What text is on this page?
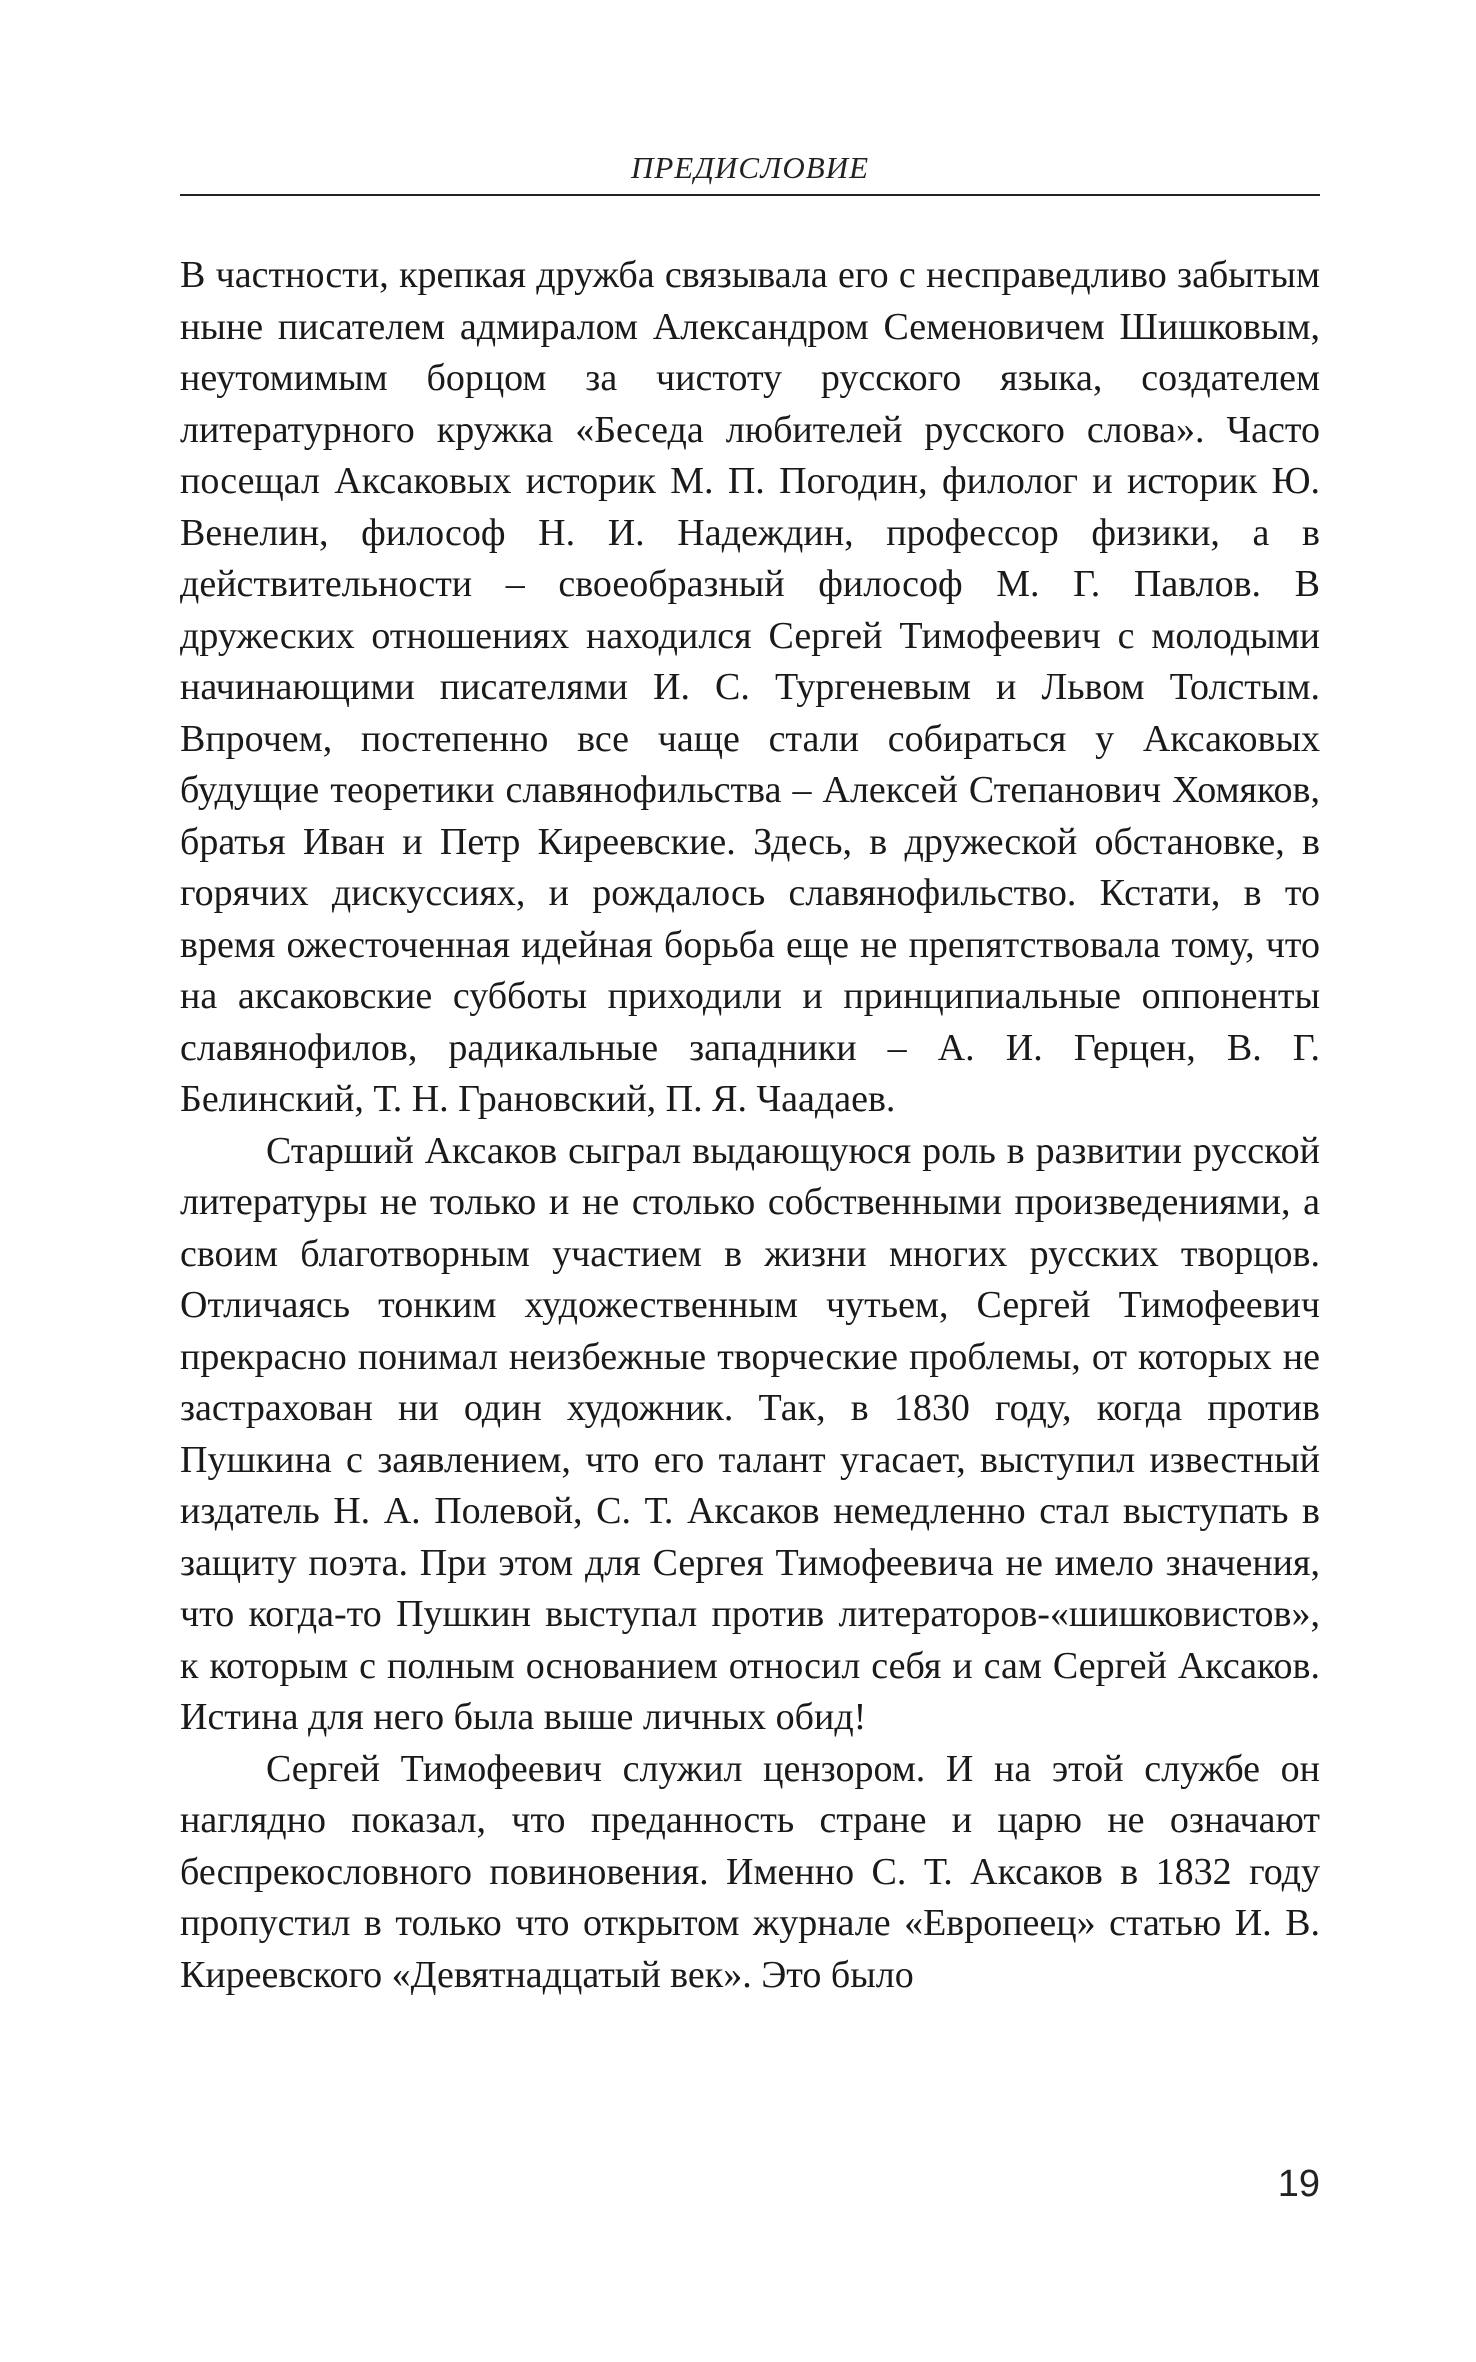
ПРЕДИСЛОВИЕ

В частности, крепкая дружба связывала его с несправедливо забытым ныне писателем адмиралом Александром Семеновичем Шишковым, неутомимым борцом за чистоту русского языка, создателем литературного кружка «Беседа любителей русского слова». Часто посещал Аксаковых историк М. П. Погодин, филолог и историк Ю. Венелин, философ Н. И. Надеждин, профессор физики, а в действительности – своеобразный философ М. Г. Павлов. В дружеских отношениях находился Сергей Тимофеевич с молодыми начинающими писателями И. С. Тургеневым и Львом Толстым. Впрочем, постепенно все чаще стали собираться у Аксаковых будущие теоретики славянофильства – Алексей Степанович Хомяков, братья Иван и Петр Киреевские. Здесь, в дружеской обстановке, в горячих дискуссиях, и рождалось славянофильство. Кстати, в то время ожесточенная идейная борьба еще не препятствовала тому, что на аксаковские субботы приходили и принципиальные оппоненты славянофилов, радикальные западники – А. И. Герцен, В. Г. Белинский, Т. Н. Грановский, П. Я. Чаадаев.

Старший Аксаков сыграл выдающуюся роль в развитии русской литературы не только и не столько собственными произведениями, а своим благотворным участием в жизни многих русских творцов. Отличаясь тонким художественным чутьем, Сергей Тимофеевич прекрасно понимал неизбежные творческие проблемы, от которых не застрахован ни один художник. Так, в 1830 году, когда против Пушкина с заявлением, что его талант угасает, выступил известный издатель Н. А. Полевой, С. Т. Аксаков немедленно стал выступать в защиту поэта. При этом для Сергея Тимофеевича не имело значения, что когда-то Пушкин выступал против литераторов-«шишковистов», к которым с полным основанием относил себя и сам Сергей Аксаков. Истина для него была выше личных обид!

Сергей Тимофеевич служил цензором. И на этой службе он наглядно показал, что преданность стране и царю не означают беспрекословного повиновения. Именно С. Т. Аксаков в 1832 году пропустил в только что открытом журнале «Европеец» статью И. В. Киреевского «Девятнадцатый век». Это было

19
